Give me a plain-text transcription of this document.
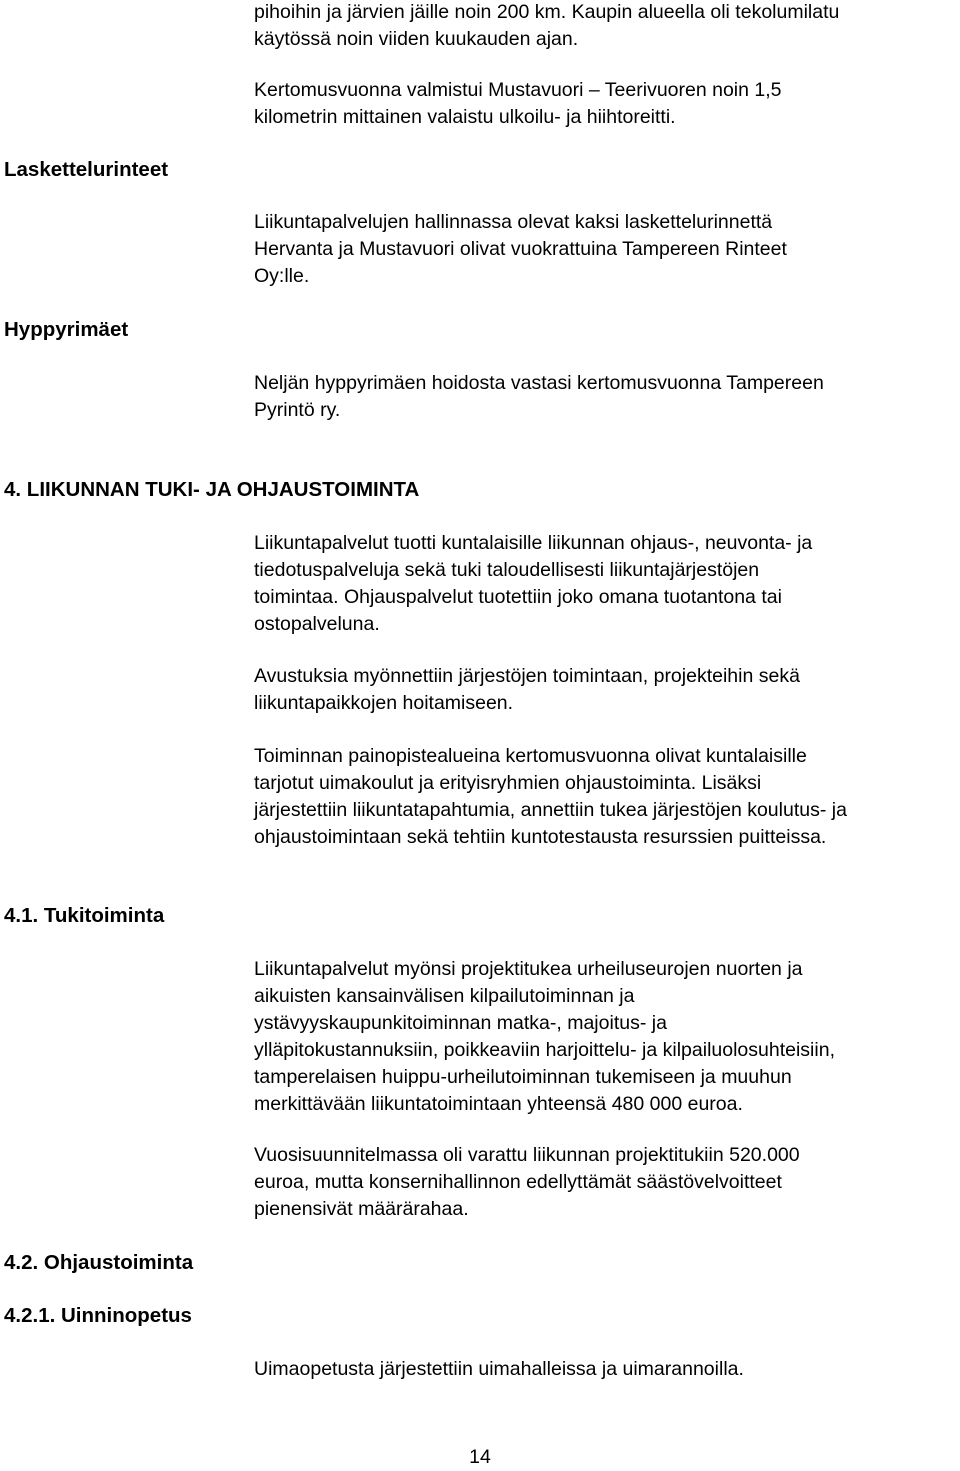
pihoihin ja järvien jäille noin 200 km. Kaupin alueella oli tekolumilatu
käytössä noin viiden kuukauden ajan.
Kertomusvuonna valmistui Mustavuori – Teerivuoren noin 1,5
kilometrin mittainen valaistu ulkoilu- ja hiihtoreitti.
Laskettelurinteet
Liikuntapalvelujen hallinnassa olevat kaksi laskettelurinnettä
Hervanta ja Mustavuori olivat vuokrattuina Tampereen Rinteet
Oy:lle.
Hyppyrimäet
Neljän hyppyrimäen hoidosta vastasi kertomusvuonna Tampereen
Pyrintö ry.
4. LIIKUNNAN TUKI- JA OHJAUSTOIMINTA
Liikuntapalvelut tuotti kuntalaisille liikunnan ohjaus-, neuvonta- ja
tiedotuspalveluja sekä tuki taloudellisesti liikuntajärjestöjen
toimintaa. Ohjauspalvelut tuotettiin joko omana tuotantona tai
ostopalveluna.
Avustuksia myönnettiin järjestöjen toimintaan, projekteihin sekä
liikuntapaikkojen hoitamiseen.
Toiminnan painopistealueina kertomusvuonna olivat kuntalaisille
tarjotut uimakoulut ja erityisryhmien ohjaustoiminta. Lisäksi
järjestettiin liikuntatapahtumia, annettiin tukea järjestöjen koulutus- ja
ohjaustoimintaan sekä tehtiin kuntotestausta resurssien puitteissa.
4.1. Tukitoiminta
Liikuntapalvelut myönsi projektitukea urheiluseurojen nuorten ja
aikuisten kansainvälisen kilpailutoiminnan ja
ystävyyskaupunkitoiminnan matka-, majoitus- ja
ylläpitokustannuksiin, poikkeaviin harjoittelu- ja kilpailuolosuhteisiin,
tamperelaisen huippu-urheilutoiminnan tukemiseen ja muuhun
merkittävään liikuntatoimintaan yhteensä 480 000 euroa.
Vuosisuunnitelmassa oli varattu liikunnan projektitukiin 520.000
euroa, mutta konsernihallinnon edellyttämät säästövelvoitteet
pienensivät määrärahaa.
4.2. Ohjaustoiminta
4.2.1. Uinninopetus
Uimaopetusta järjestettiin uimahalleissa ja uimarannoilla.
14
